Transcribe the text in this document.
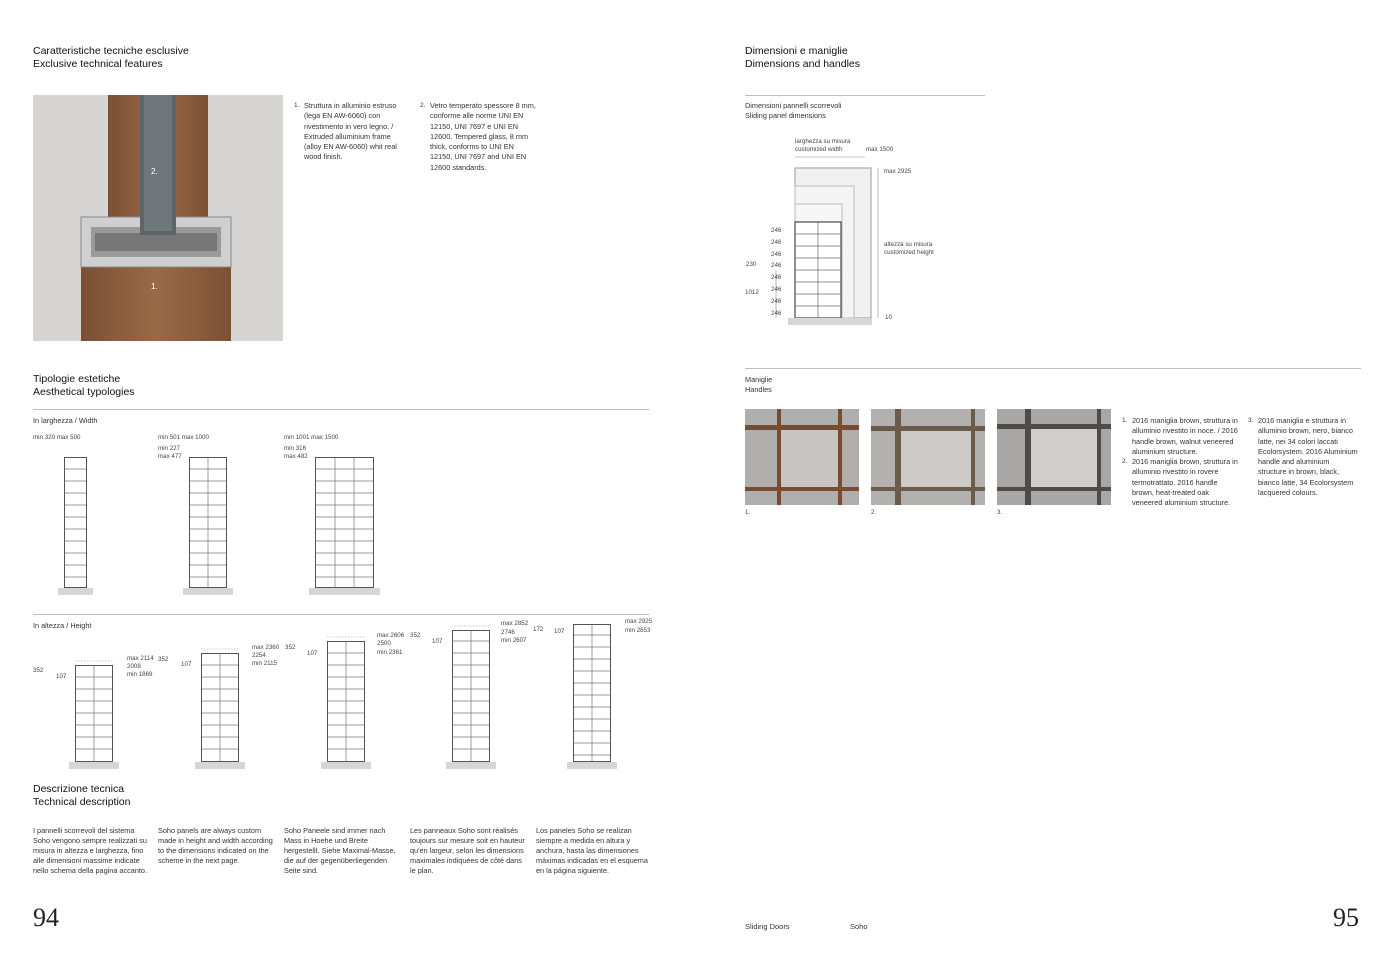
Caratteristiche tecniche esclusive
Exclusive technical features
2.
1.
1. Struttura in alluminio estruso (lega EN AW-6060) con rivestimento in vero legno. / Extruded alluminium frame (alloy EN AW-6060) whit real wood finish.
2. Vetro temperato spessore 8 mm, conforme alle norme UNI EN 12150, UNI 7697 e UNI EN 12600. Tempered glass, 8 mm thick, conforms to UNI EN 12150, UNI 7697 and UNI EN 12600 standards.
Tipologie estetiche
Aesthetical typologies
In larghezza / Width
min 320 max 500	min 501 max 1000
min 227
max 477
min 1001 max 1500
min 316
max 482
In altezza / Height
352
107
max 2114
2008
min 1869
352
107
max 2360
2254
min 2115
352
107
max 2606
2500
min 2361
352
107
max 2852
2746
min 2607
172 107
max 2925
min 2853
Descrizione tecnica
Technical description
I pannelli scorrevoli del sistema Soho vengono sempre realizzati su misura in altezza e larghezza, fino alle dimensioni massime indicate nello schema della pagina accanto.
Soho panels are always custom made in height and width according to the dimensions indicated on the scheme in the next page.
Soho Paneele sind immer nach Mass in Hoehe und Breite hergestellt. Siehe Maximal-Masse, die auf der gegenüberliegenden Seite sind.
Les panneaux Soho sont réalisés toujours sur mesure soit en hauteur qu'en largeur, selon les dimensions maximales indiquées de côté dans le plan.
Los paneles Soho se realizan siempre a medida en altura y anchura, hasta las dimensiones máximas indicadas en el esquema en la página siguiente.
94
Dimensioni e maniglie
Dimensions and handles
Dimensioni pannelli scorrevoli
Sliding panel dimensions
larghezza su misura
customized width	max 1500
max 2925
altezza su misura
customized height
10
230
1012
246
246
246
246
246
246
246
246
Maniglie
Handles
1.	2.	3.
1. 2016 maniglia brown, struttura in alluminio rivestito in noce. / 2016 handle brown, walnut veneered aluminium structure.
2. 2016 maniglia brown, struttura in alluminio rivestito in rovere termotrattato. 2016 handle brown, heat-treated oak veneered aluminium structure.
3. 2016 maniglia e struttura in alluminio brown, nero, bianco latte, nei 34 colori laccati Ecolorsystem. 2016 Aluminium handle and aluminium structure in brown, black, bianco latte, 34 Ecolorsystem lacquered colours.
Sliding Doors	Soho	95
